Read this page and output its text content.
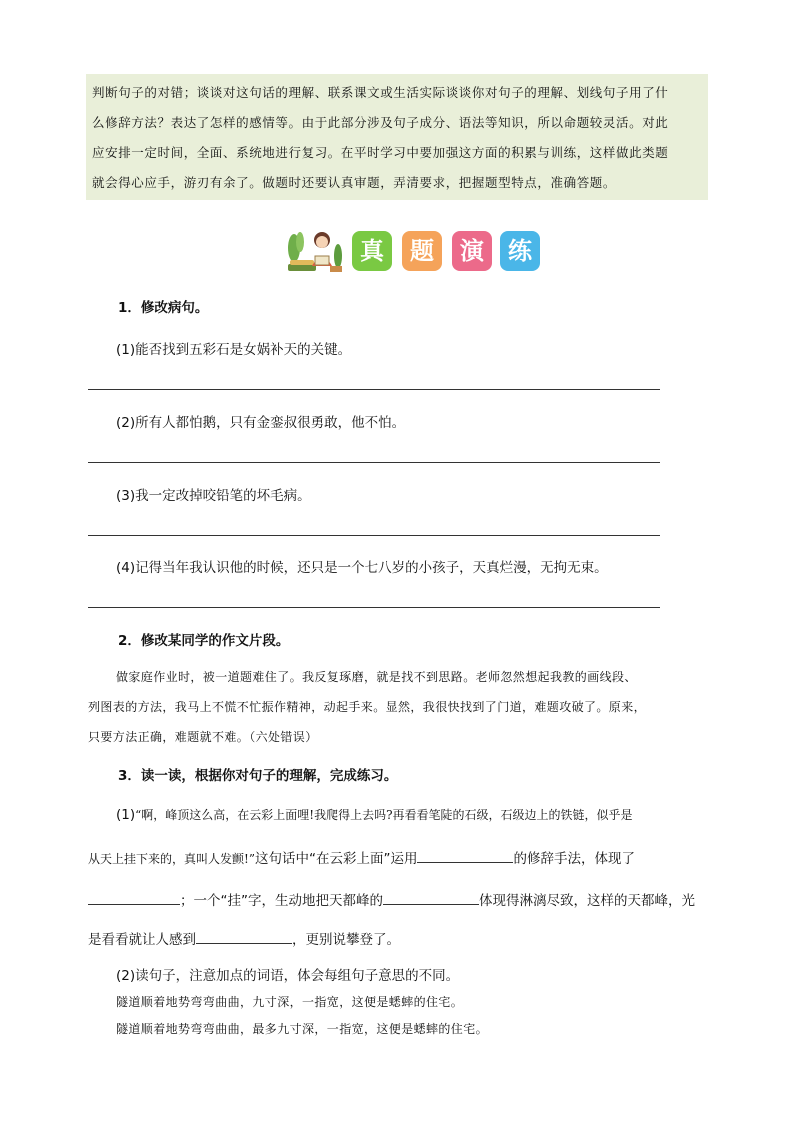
判断句子的对错；谈谈对这句话的理解、联系课文或生活实际谈谈你对句子的理解、划线句子用了什
么修辞方法？表达了怎样的感情等。由于此部分涉及句子成分、语法等知识，所以命题较灵活。对此
应安排一定时间，全面、系统地进行复习。在平时学习中要加强这方面的积累与训练，这样做此类题
就会得心应手，游刃有余了。做题时还要认真审题，弄清要求，把握题型特点，准确答题。
真	题	演	练
1．修改病句。
(1)能否找到五彩石是女娲补天的关键。
(2)所有人都怕鹅，只有金銮叔很勇敢，他不怕。
(3)我一定改掉咬铅笔的坏毛病。
(4)记得当年我认识他的时候，还只是一个七八岁的小孩子，天真烂漫，无拘无束。
2．修改某同学的作文片段。
做家庭作业时，被一道题难住了。我反复琢磨，就是找不到思路。老师忽然想起我教的画线段、
列图表的方法，我马上不慌不忙振作精神，动起手来。显然，我很快找到了门道，难题攻破了。原来，
只要方法正确，难题就不难。（六处错误）
3．读一读，根据你对句子的理解，完成练习。
(1)“啊，峰顶这么高，在云彩上面哩!我爬得上去吗?再看看笔陡的石级，石级边上的铁链，似乎是
从天上挂下来的，真叫人发颤!”这句话中“在云彩上面”运用	的修辞手法，体现了
；一个“挂”字，生动地把天都峰的	体现得淋漓尽致，这样的天都峰，光
是看看就让人感到	，更别说攀登了。
(2)读句子，注意加点的词语，体会每组句子意思的不同。
隧道顺着地势弯弯曲曲，九寸深，一指宽，这便是蟋蟀的住宅。
隧道顺着地势弯弯曲曲，最多九寸深，一指宽，这便是蟋蟀的住宅。
